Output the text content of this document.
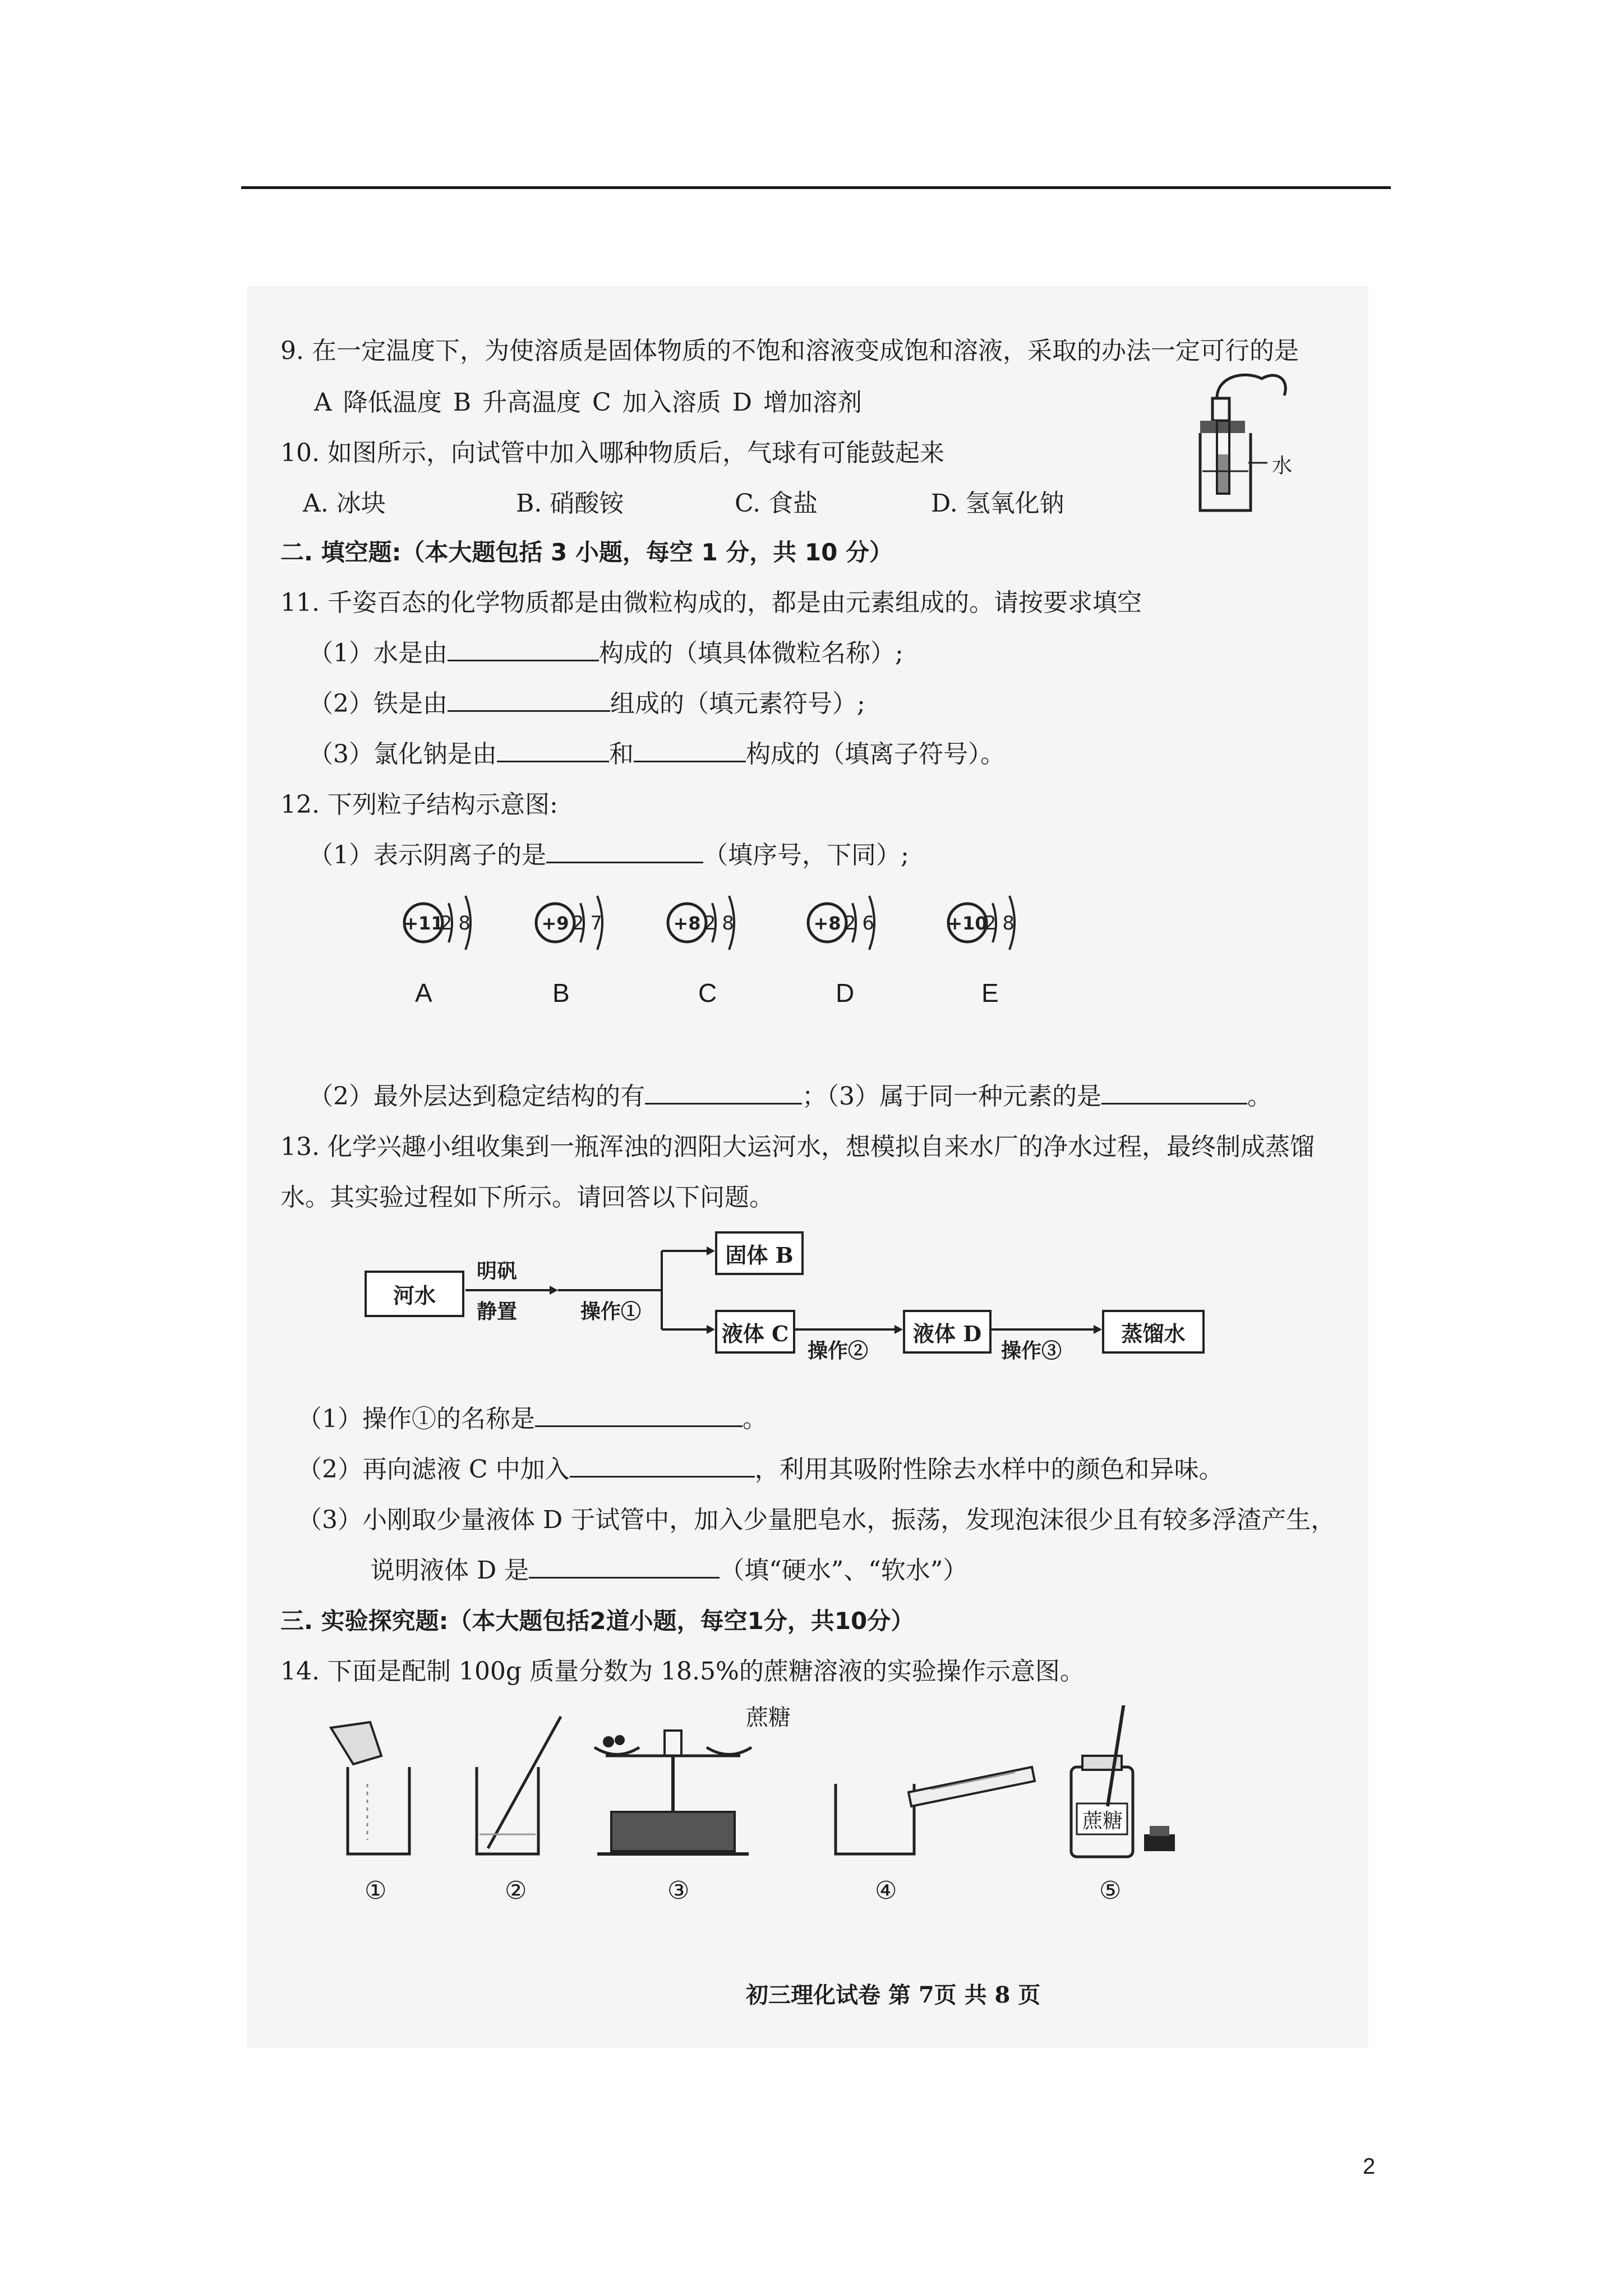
9. 在一定温度下，为使溶质是固体物质的不饱和溶液变成饱和溶液，采取的办法一定可行的是
A 降低温度 B 升高温度 C 加入溶质 D 增加溶剂
10. 如图所示，向试管中加入哪种物质后，气球有可能鼓起来
A. 冰块	B. 硝酸铵	C. 食盐	D. 氢氧化钠
水
二. 填空题:（本大题包括 3 小题，每空 1 分，共 10 分）
11. 千姿百态的化学物质都是由微粒构成的，都是由元素组成的。请按要求填空
（1）水是由	构成的（填具体微粒名称）;
（2）铁是由	组成的（填元素符号）;
（3）氯化钠是由	和	构成的（填离子符号）。
12. 下列粒子结构示意图:
（1）表示阴离子的是	（填序号，下同）;
+11
2 8
A
+9 2 7
B
+8 2 8
C
+8 2 6
D
+10
2 8
E
（2）最外层达到稳定结构的有	；（3）属于同一种元素的是	。
13. 化学兴趣小组收集到一瓶浑浊的泗阳大运河水，想模拟自来水厂的净水过程，最终制成蒸馏
水。其实验过程如下所示。请回答以下问题。
河水
明矾
静置	操作①
固体 B
液体 C
操作②
液体 D
操作③
蒸馏水
（1）操作①的名称是	。
（2）再向滤液 C 中加入	，利用其吸附性除去水样中的颜色和异味。
（3）小刚取少量液体 D 于试管中，加入少量肥皂水，振荡，发现泡沫很少且有较多浮渣产生，
说明液体 D 是	（填“硬水”、“软水”）
三. 实验探究题:（本大题包括2道小题，每空1分，共10分）
14. 下面是配制 100g 质量分数为 18.5%的蔗糖溶液的实验操作示意图。
蔗糖
蔗糖
①	②	③	④	⑤
初三理化试卷 第 7页 共 8 页
2
